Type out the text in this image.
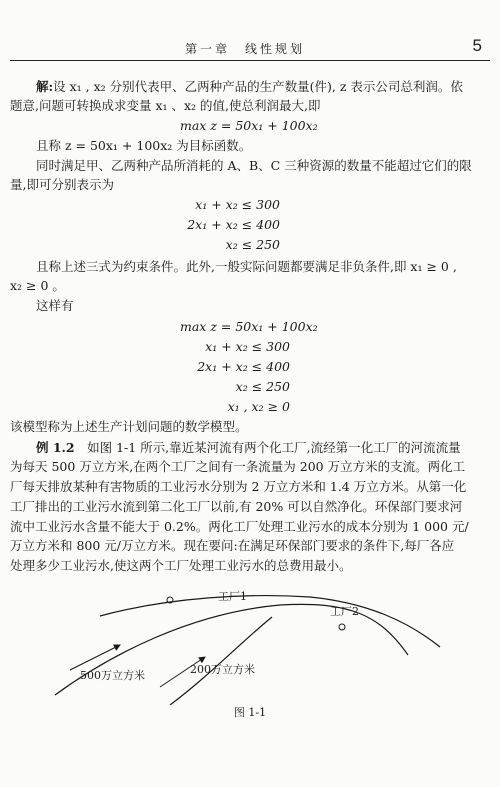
第一章　线性规划	5
解:设 x₁ , x₂ 分别代表甲、乙两种产品的生产数量(件), z 表示公司总利润。依
题意,问题可转换成求变量 x₁ 、x₂ 的值,使总利润最大,即
max z = 50x₁ + 100x₂
且称 z = 50x₁ + 100x₂ 为目标函数。
同时满足甲、乙两种产品所消耗的 A、B、C 三种资源的数量不能超过它们的限
量,即可分别表示为
x₁ + x₂ ≤ 300
2x₁ + x₂ ≤ 400
x₂ ≤ 250
且称上述三式为约束条件。此外,一般实际问题都要满足非负条件,即 x₁ ≥ 0 ,
x₂ ≥ 0 。
这样有
max z = 50x₁ + 100x₂
x₁ + x₂ ≤ 300
2x₁ + x₂ ≤ 400
x₂ ≤ 250
x₁ , x₂ ≥ 0
该模型称为上述生产计划问题的数学模型。
例 1.2　如图 1-1 所示,靠近某河流有两个化工厂,流经第一化工厂的河流流量
为每天 500 万立方米,在两个工厂之间有一条流量为 200 万立方米的支流。两化工
厂每天排放某种有害物质的工业污水分别为 2 万立方米和 1.4 万立方米。从第一化
工厂排出的工业污水流到第二化工厂以前,有 20% 可以自然净化。环保部门要求河
流中工业污水含量不能大于 0.2%。两化工厂处理工业污水的成本分别为 1 000 元/
万立方米和 800 元/万立方米。现在要问:在满足环保部门要求的条件下,每厂各应
处理多少工业污水,使这两个工厂处理工业污水的总费用最小。
工厂1
工厂2
500万立方米	200万立方米
图 1-1
